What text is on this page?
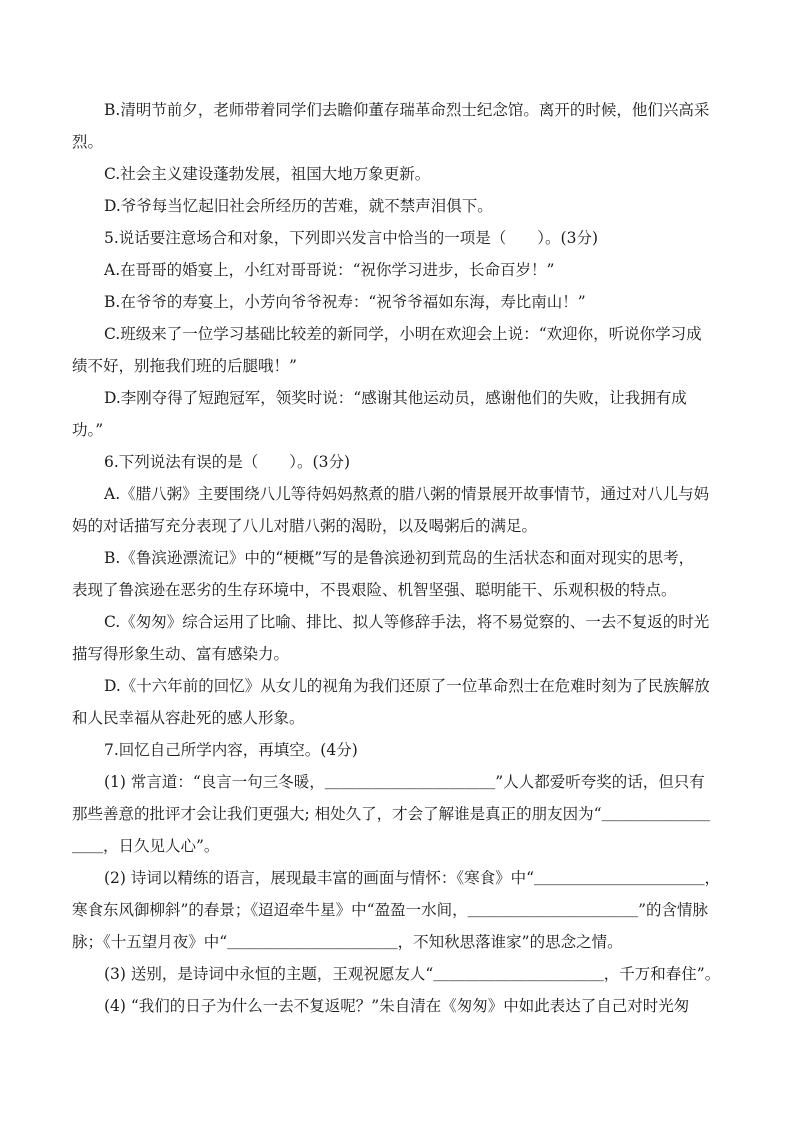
B.清明节前夕，老师带着同学们去瞻仰董存瑞革命烈士纪念馆。离开的时候，他们兴高采
烈。
C.社会主义建设蓬勃发展，祖国大地万象更新。
D.爷爷每当忆起旧社会所经历的苦难，就不禁声泪俱下。
5.说话要注意场合和对象，下列即兴发言中恰当的一项是（　　）。(3分)
A.在哥哥的婚宴上，小红对哥哥说：“祝你学习进步，长命百岁！”
B.在爷爷的寿宴上，小芳向爷爷祝寿：“祝爷爷福如东海，寿比南山！”
C.班级来了一位学习基础比较差的新同学，小明在欢迎会上说：“欢迎你，听说你学习成
绩不好，别拖我们班的后腿哦！”
D.李刚夺得了短跑冠军，领奖时说：“感谢其他运动员，感谢他们的失败，让我拥有成
功。”
6.下列说法有误的是（　　）。(3分)
A.《腊八粥》主要围绕八儿等待妈妈熬煮的腊八粥的情景展开故事情节，通过对八儿与妈
妈的对话描写充分表现了八儿对腊八粥的渴盼，以及喝粥后的满足。
B.《鲁滨逊漂流记》中的“梗概”写的是鲁滨逊初到荒岛的生活状态和面对现实的思考，
表现了鲁滨逊在恶劣的生存环境中，不畏艰险、机智坚强、聪明能干、乐观积极的特点。
C.《匆匆》综合运用了比喻、排比、拟人等修辞手法，将不易觉察的、一去不复返的时光
描写得形象生动、富有感染力。
D.《十六年前的回忆》从女儿的视角为我们还原了一位革命烈士在危难时刻为了民族解放
和人民幸福从容赴死的感人形象。
7.回忆自己所学内容，再填空。(4分)
(1) 常言道：“良言一句三冬暖，＿＿＿＿＿＿＿＿＿＿＿”人人都爱听夸奖的话，但只有
那些善意的批评才会让我们更强大; 相处久了，才会了解谁是真正的朋友因为“＿＿＿＿＿＿＿
＿＿，日久见人心”。
(2) 诗词以精练的语言，展现最丰富的画面与情怀：《寒食》中“＿＿＿＿＿＿＿＿＿＿＿，
寒食东风御柳斜”的春景；《迢迢牵牛星》中“盈盈一水间，＿＿＿＿＿＿＿＿＿＿＿”的含情脉
脉；《十五望月夜》中“＿＿＿＿＿＿＿＿＿＿＿，不知秋思落谁家”的思念之情。
(3) 送别，是诗词中永恒的主题，王观祝愿友人“＿＿＿＿＿＿＿＿＿＿＿，千万和春住”。
(4) “我们的日子为什么一去不复返呢？”朱自清在《匆匆》中如此表达了自己对时光匆
